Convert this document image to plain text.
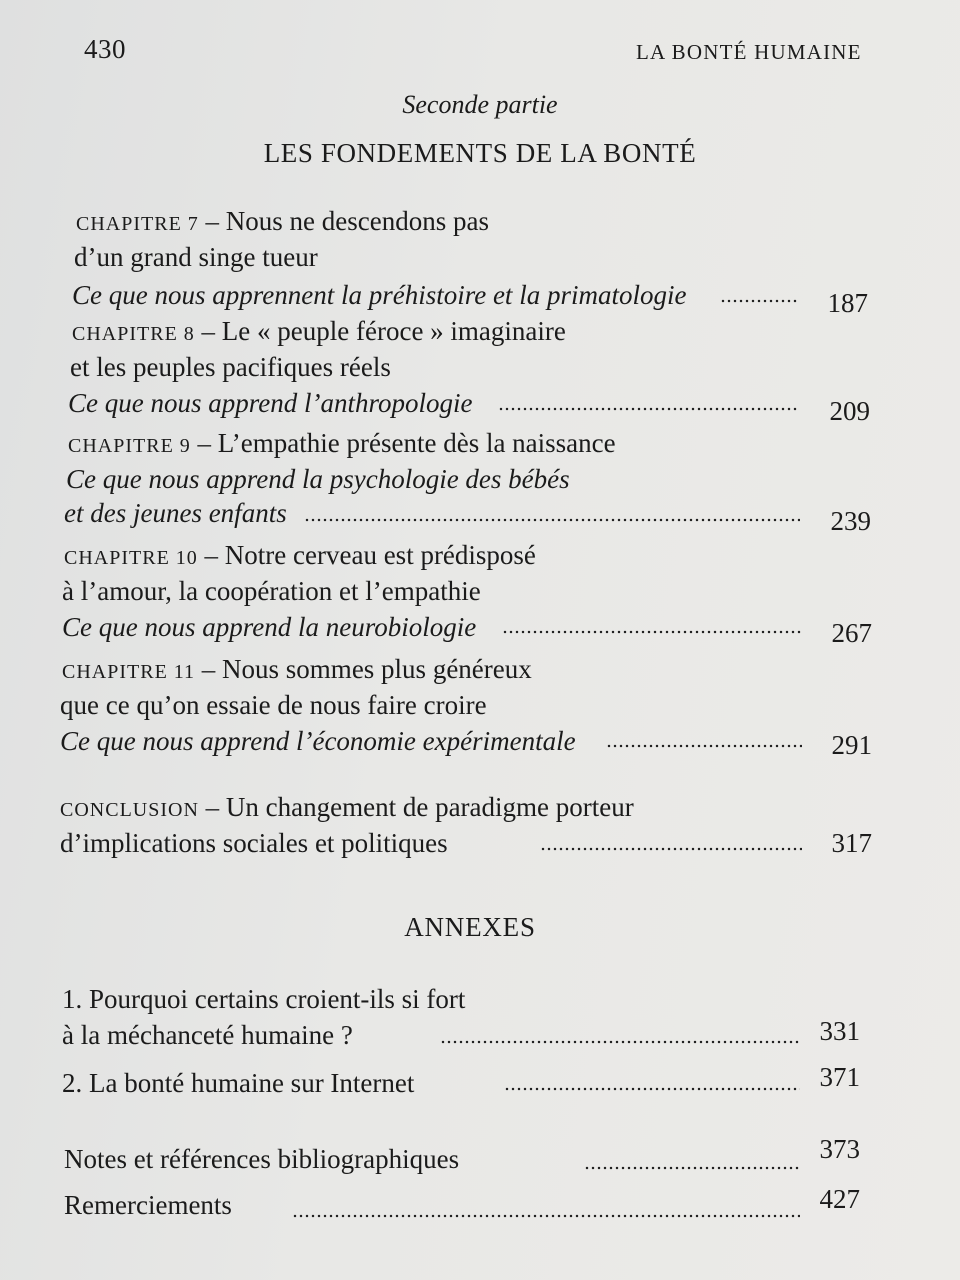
430	LA BONTÉ HUMAINE
Seconde partie
LES FONDEMENTS DE LA BONTÉ
CHAPITRE 7 – Nous ne descendons pas
d’un grand singe tueur
Ce que nous apprennent la préhistoire et la primatologie	187
CHAPITRE 8 – Le « peuple féroce » imaginaire
et les peuples pacifiques réels
Ce que nous apprend l’anthropologie	209
CHAPITRE 9 – L’empathie présente dès la naissance
Ce que nous apprend la psychologie des bébés
et des jeunes enfants	239
CHAPITRE 10 – Notre cerveau est prédisposé
à l’amour, la coopération et l’empathie
Ce que nous apprend la neurobiologie	267
CHAPITRE 11 – Nous sommes plus généreux
que ce qu’on essaie de nous faire croire
Ce que nous apprend l’économie expérimentale	291
CONCLUSION – Un changement de paradigme porteur
d’implications sociales et politiques	317
ANNEXES
1. Pourquoi certains croient-ils si fort
à la méchanceté humaine ?	331
2. La bonté humaine sur Internet	371
Notes et références bibliographiques	373
Remerciements	427
